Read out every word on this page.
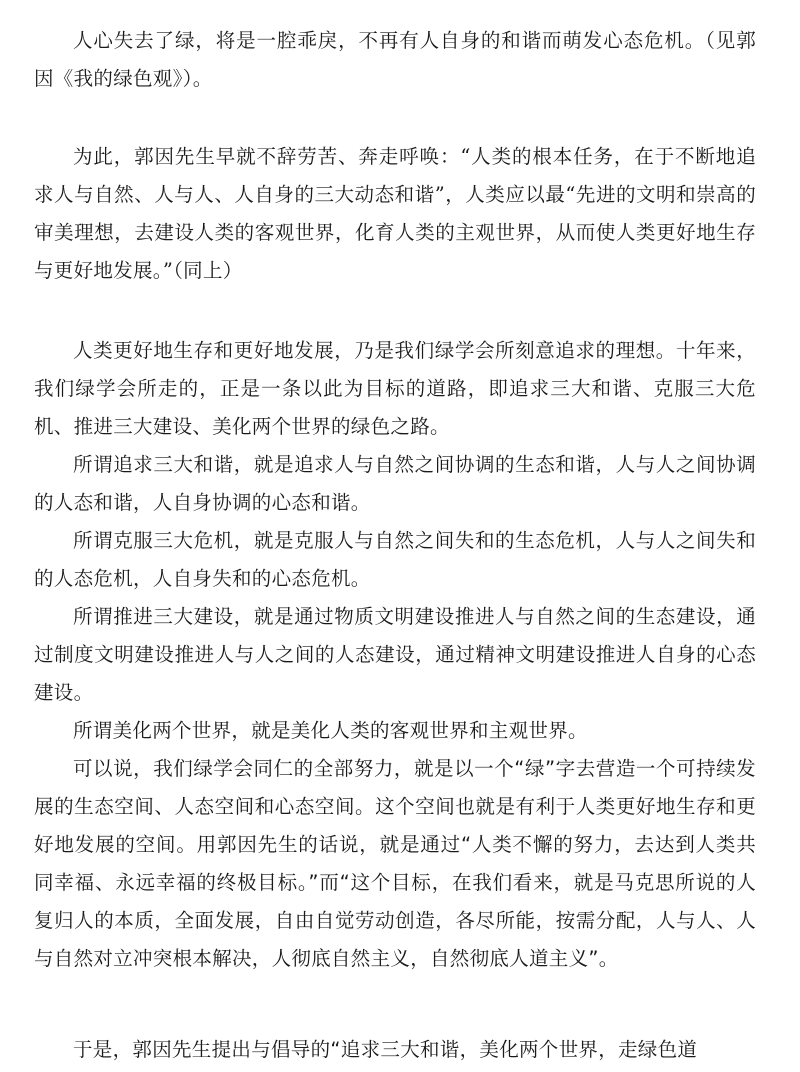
人心失去了绿，将是一腔乖戾，不再有人自身的和谐而萌发心态危机。（见郭因《我的绿色观》）。

为此，郭因先生早就不辞劳苦、奔走呼唤：“人类的根本任务，在于不断地追求人与自然、人与人、人自身的三大动态和谐”，人类应以最“先进的文明和崇高的审美理想，去建设人类的客观世界，化育人类的主观世界，从而使人类更好地生存与更好地发展。”（同上）

人类更好地生存和更好地发展，乃是我们绿学会所刻意追求的理想。十年来，我们绿学会所走的，正是一条以此为目标的道路，即追求三大和谐、克服三大危机、推进三大建设、美化两个世界的绿色之路。

所谓追求三大和谐，就是追求人与自然之间协调的生态和谐，人与人之间协调的人态和谐，人自身协调的心态和谐。

所谓克服三大危机，就是克服人与自然之间失和的生态危机，人与人之间失和的人态危机，人自身失和的心态危机。

所谓推进三大建设，就是通过物质文明建设推进人与自然之间的生态建设，通过制度文明建设推进人与人之间的人态建设，通过精神文明建设推进人自身的心态建设。

所谓美化两个世界，就是美化人类的客观世界和主观世界。

可以说，我们绿学会同仁的全部努力，就是以一个“绿”字去营造一个可持续发展的生态空间、人态空间和心态空间。这个空间也就是有利于人类更好地生存和更好地发展的空间。用郭因先生的话说，就是通过“人类不懈的努力，去达到人类共同幸福、永远幸福的终极目标。”而“这个目标，在我们看来，就是马克思所说的人复归人的本质，全面发展，自由自觉劳动创造，各尽所能，按需分配，人与人、人与自然对立冲突根本解决，人彻底自然主义，自然彻底人道主义”。

于是，郭因先生提出与倡导的“追求三大和谐，美化两个世界，走绿色道
